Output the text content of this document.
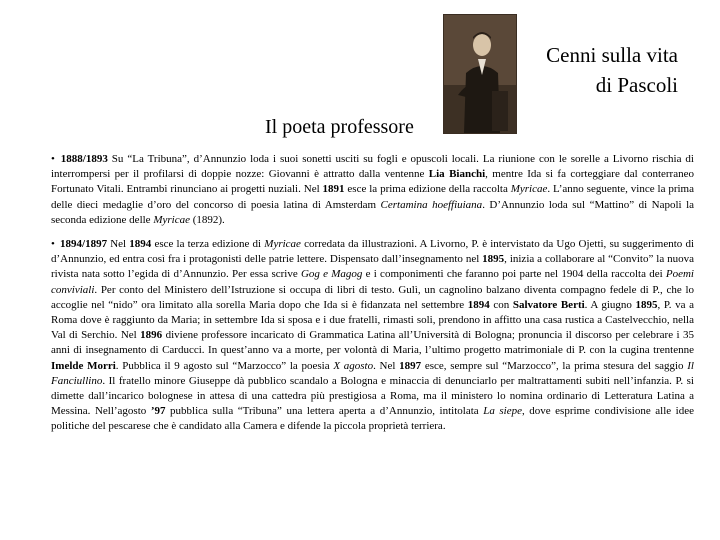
Cenni sulla vita
di Pascoli
Il poeta professore

• 1888/1893 Su “La Tribuna”, d’Annunzio loda i suoi sonetti usciti su fogli e opuscoli locali. La riunione con le sorelle a Livorno rischia di interrompersi per il profilarsi di doppie nozze: Giovanni è attratto dalla ventenne Lia Bianchi, mentre Ida si fa corteggiare dal conterraneo Fortunato Vitali. Entrambi rinunciano ai progetti nuziali. Nel 1891 esce la prima edizione della raccolta Myricae. L’anno seguente, vince la prima delle dieci medaglie d’oro del concorso di poesia latina di Amsterdam Certamina hoeffiuiana. D’Annunzio loda sul “Mattino” di Napoli la seconda edizione delle Myricae (1892).

• 1894/1897 Nel 1894 esce la terza edizione di Myricae corredata da illustrazioni. A Livorno, P. è intervistato da Ugo Ojetti, su suggerimento di d’Annunzio, ed entra così fra i protagonisti delle patrie lettere. Dispensato dall’insegnamento nel 1895, inizia a collaborare al “Convito” la nuova rivista nata sotto l’egida di d’Annunzio. Per essa scrive Gog e Magog e i componimenti che faranno poi parte nel 1904 della raccolta dei Poemi conviviali. Per conto del Ministero dell’Istruzione si occupa di libri di testo. Gulì, un cagnolino balzano diventa compagno fedele di P., che lo accoglie nel “nido” ora limitato alla sorella Maria dopo che Ida si è fidanzata nel settembre 1894 con Salvatore Berti. A giugno 1895, P. va a Roma dove è raggiunto da Maria; in settembre Ida si sposa e i due fratelli, rimasti soli, prendono in affitto una casa rustica a Castelvecchio, nella Val di Serchio. Nel 1896 diviene professore incaricato di Grammatica Latina all’Università di Bologna; pronuncia il discorso per celebrare i 35 anni di insegnamento di Carducci. In quest’anno va a morte, per volontà di Maria, l’ultimo progetto matrimoniale di P. con la cugina trentenne Imelde Morri. Pubblica il 9 agosto sul “Marzocco” la poesia X agosto. Nel 1897 esce, sempre sul “Marzocco”, la prima stesura del saggio Il Fanciullino. Il fratello minore Giuseppe dà pubblico scandalo a Bologna e minaccia di denunciarlo per maltrattamenti subiti nell’infanzia. P. si dimette dall’incarico bolognese in attesa di una cattedra più prestigiosa a Roma, ma il ministero lo nomina ordinario di Letteratura Latina a Messina. Nell’agosto ’97 pubblica sulla “Tribuna” una lettera aperta a d’Annunzio, intitolata La siepe, dove esprime condivisione alle idee politiche del pescarese che è candidato alla Camera e difende la piccola proprietà terriera.
